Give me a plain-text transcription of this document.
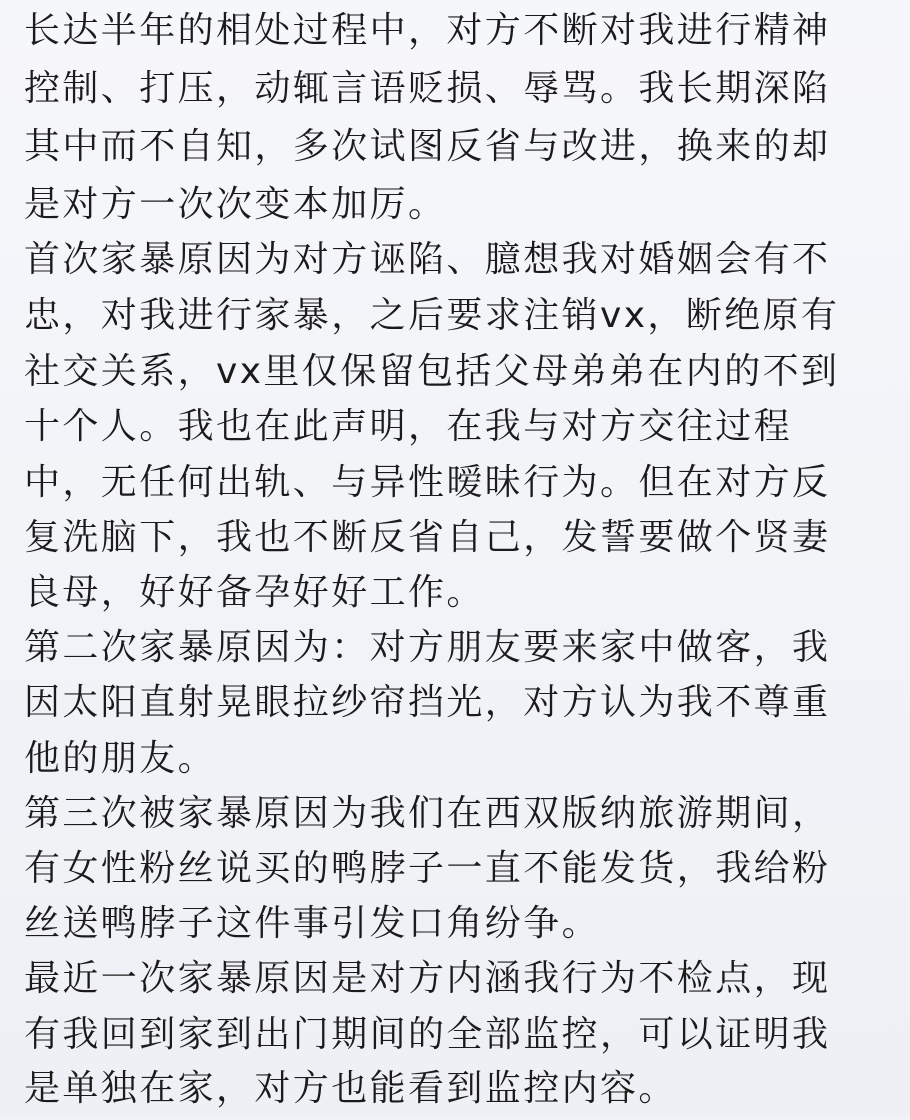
长达半年的相处过程中，对方不断对我进行精神
控制、打压，动辄言语贬损、辱骂。我长期深陷
其中而不自知，多次试图反省与改进，换来的却
是对方一次次变本加厉。
首次家暴原因为对方诬陷、臆想我对婚姻会有不
忠，对我进行家暴，之后要求注销vx，断绝原有
社交关系，vx里仅保留包括父母弟弟在内的不到
十个人。我也在此声明，在我与对方交往过程
中，无任何出轨、与异性暧昧行为。但在对方反
复洗脑下，我也不断反省自己，发誓要做个贤妻
良母，好好备孕好好工作。
第二次家暴原因为：对方朋友要来家中做客，我
因太阳直射晃眼拉纱帘挡光，对方认为我不尊重
他的朋友。
第三次被家暴原因为我们在西双版纳旅游期间，
有女性粉丝说买的鸭脖子一直不能发货，我给粉
丝送鸭脖子这件事引发口角纷争。
最近一次家暴原因是对方内涵我行为不检点，现
有我回到家到出门期间的全部监控，可以证明我
是单独在家，对方也能看到监控内容。
